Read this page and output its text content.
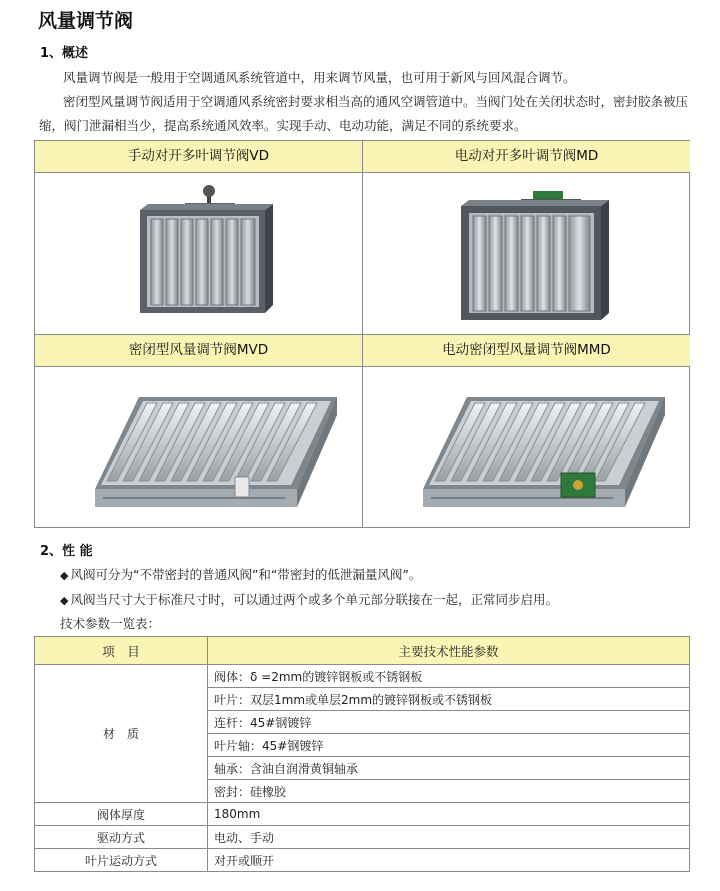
风量调节阀
1、概述

风量调节阀是一般用于空调通风系统管道中，用来调节风量，也可用于新风与回风混合调节。

密闭型风量调节阀适用于空调通风系统密封要求相当高的通风空调管道中。当阀门处在关闭状态时，密封胶条被压缩，阀门泄漏相当少，提高系统通风效率。实现手动、电动功能，满足不同的系统要求。

手动对开多叶调节阀VD	电动对开多叶调节阀MD
密闭型风量调节阀MVD	电动密闭型风量调节阀MMD
2、性 能
◆ 风阀可分为“不带密封的普通风阀”和“带密封的低泄漏量风阀”。
◆ 风阀当尺寸大于标准尺寸时，可以通过两个或多个单元部分联接在一起，正常同步启用。
技术参数一览表：
项　目	主要技术性能参数
材　质	阀体：δ =2mm的镀锌钢板或不锈钢板
	叶片：双层1mm或单层2mm的镀锌钢板或不锈钢板
	连杆：45#钢镀锌
	叶片轴：45#钢镀锌
	轴承：含油自润滑黄铜轴承
	密封：硅橡胶
阀体厚度	180mm
驱动方式	电动、手动
叶片运动方式	对开或顺开
